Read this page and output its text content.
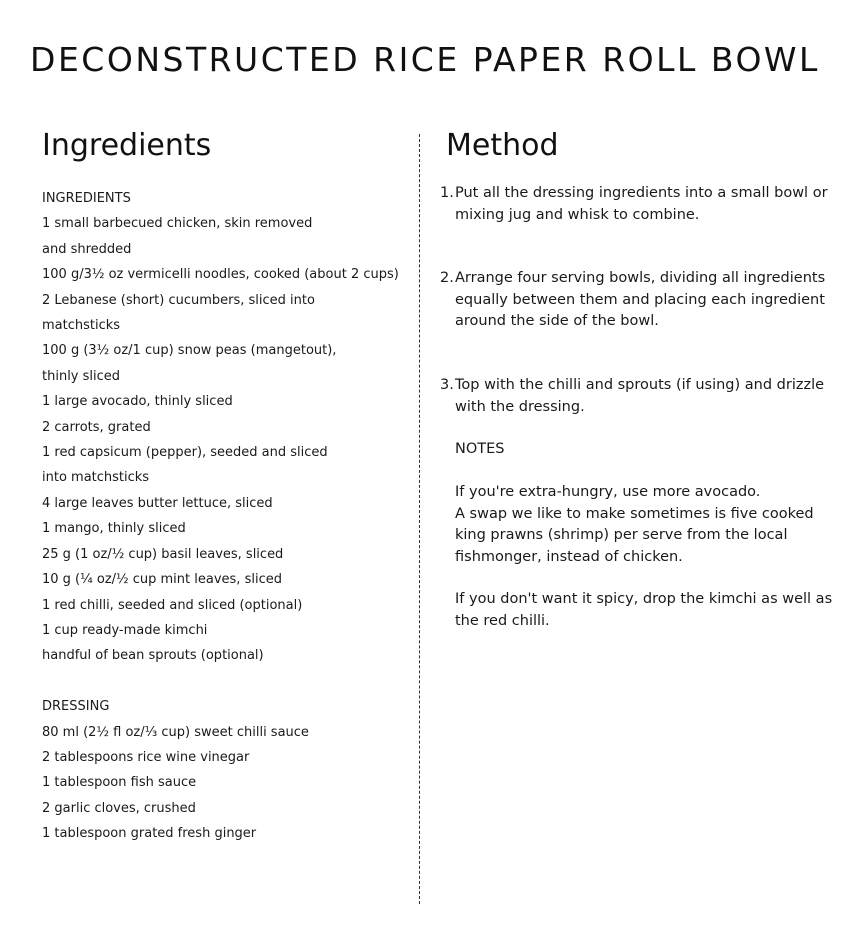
DECONSTRUCTED RICE PAPER ROLL BOWL
Ingredients	Method
INGREDIENTS
1 small barbecued chicken, skin removed
and shredded
100 g/3½ oz vermicelli noodles, cooked (about 2 cups)
2 Lebanese (short) cucumbers, sliced into
matchsticks
100 g (3½ oz/1 cup) snow peas (mangetout),
thinly sliced
1 large avocado, thinly sliced
2 carrots, grated
1 red capsicum (pepper), seeded and sliced
into matchsticks
4 large leaves butter lettuce, sliced
1 mango, thinly sliced
25 g (1 oz/½ cup) basil leaves, sliced
10 g (¼ oz/½ cup mint leaves, sliced
1 red chilli, seeded and sliced (optional)
1 cup ready-made kimchi
handful of bean sprouts (optional)
DRESSING
80 ml (2½ fl oz/⅓ cup) sweet chilli sauce
2 tablespoons rice wine vinegar
1 tablespoon fish sauce
2 garlic cloves, crushed
1 tablespoon grated fresh ginger
1. Put all the dressing ingredients into a small bowl or mixing jug and whisk to combine.
2. Arrange four serving bowls, dividing all ingredients equally between them and placing each ingredient around the side of the bowl.
3. Top with the chilli and sprouts (if using) and drizzle with the dressing.
NOTES

If you're extra-hungry, use more avocado.

A swap we like to make sometimes is five cooked king prawns (shrimp) per serve from the local fishmonger, instead of chicken.

If you don't want it spicy, drop the kimchi as well as the red chilli.
